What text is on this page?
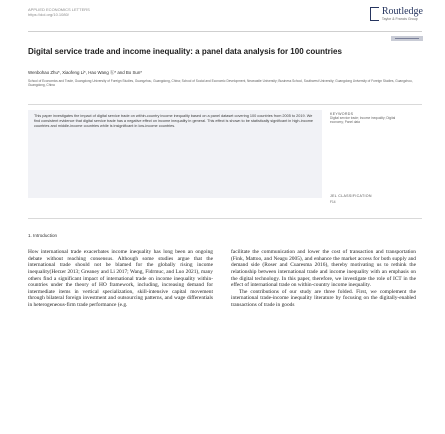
APPLIED ECONOMICS LETTERS
https://doi.org/10.1080/	Routledge
Taylor & Francis Group
Digital service trade and income inequality: a panel data analysis for 100 countries
Wenbohao Zhu*, Xiaofeng Li*, Hao Wang ⓑ* and Bo Sun*
School of Economics and Trade, Guangdong University of Foreign Studies, Guangzhou, Guangdong, China; School of Social and Economic Development, Newcastle University; Business School, Southwest University; Guangdong University of Foreign Studies, Guangzhou, Guangdong, China

This paper investigates the impact of digital service trade on within-country income inequality based on a panel dataset covering 100 countries from 2005 to 2019. We find consistent evidence that digital service trade has a negative effect on income inequality in general. This effect is shown to be statistically significant in high-income countries and middle-income countries while is insignificant in low-income countries.

KEYWORDS
Digital service trade; Income inequality; Digital economy; Panel data
JEL CLASSIFICATION
F14
1. Introduction

How international trade exacerbates income inequality has long been an ongoing debate without reaching consensus. Although some studies argue that the international trade should not be blamed for the globally rising income inequality(Herzer 2013; Greaney and Li 2017; Wang, Fidrmuc, and Luo 2021), many others find a significant impact of international trade on income inequality within-countries under the theory of HO framework, including, increasing demand for intermediate items in vertical specialization, skill-intensive capital movement through bilateral foreign investment and outsourcing patterns, and wage differentials in heterogeneous-firm trade performance (e.g.

facilitate the communication and lower the cost of transaction and transportation (Fink, Mattoo, and Neagu 2005), and enhance the market access for both supply and demand side (Roser and Cuaresma 2016), thereby motivating us to rethink the relationship between international trade and income inequality with an emphasis on the digital technology. In this paper, therefore, we investigate the role of ICT in the effect of international trade on within-country income inequality.

The contributions of our study are three folded. First, we complement the international trade-income inequality literature by focusing on the digitally-enabled transactions of trade in goods
